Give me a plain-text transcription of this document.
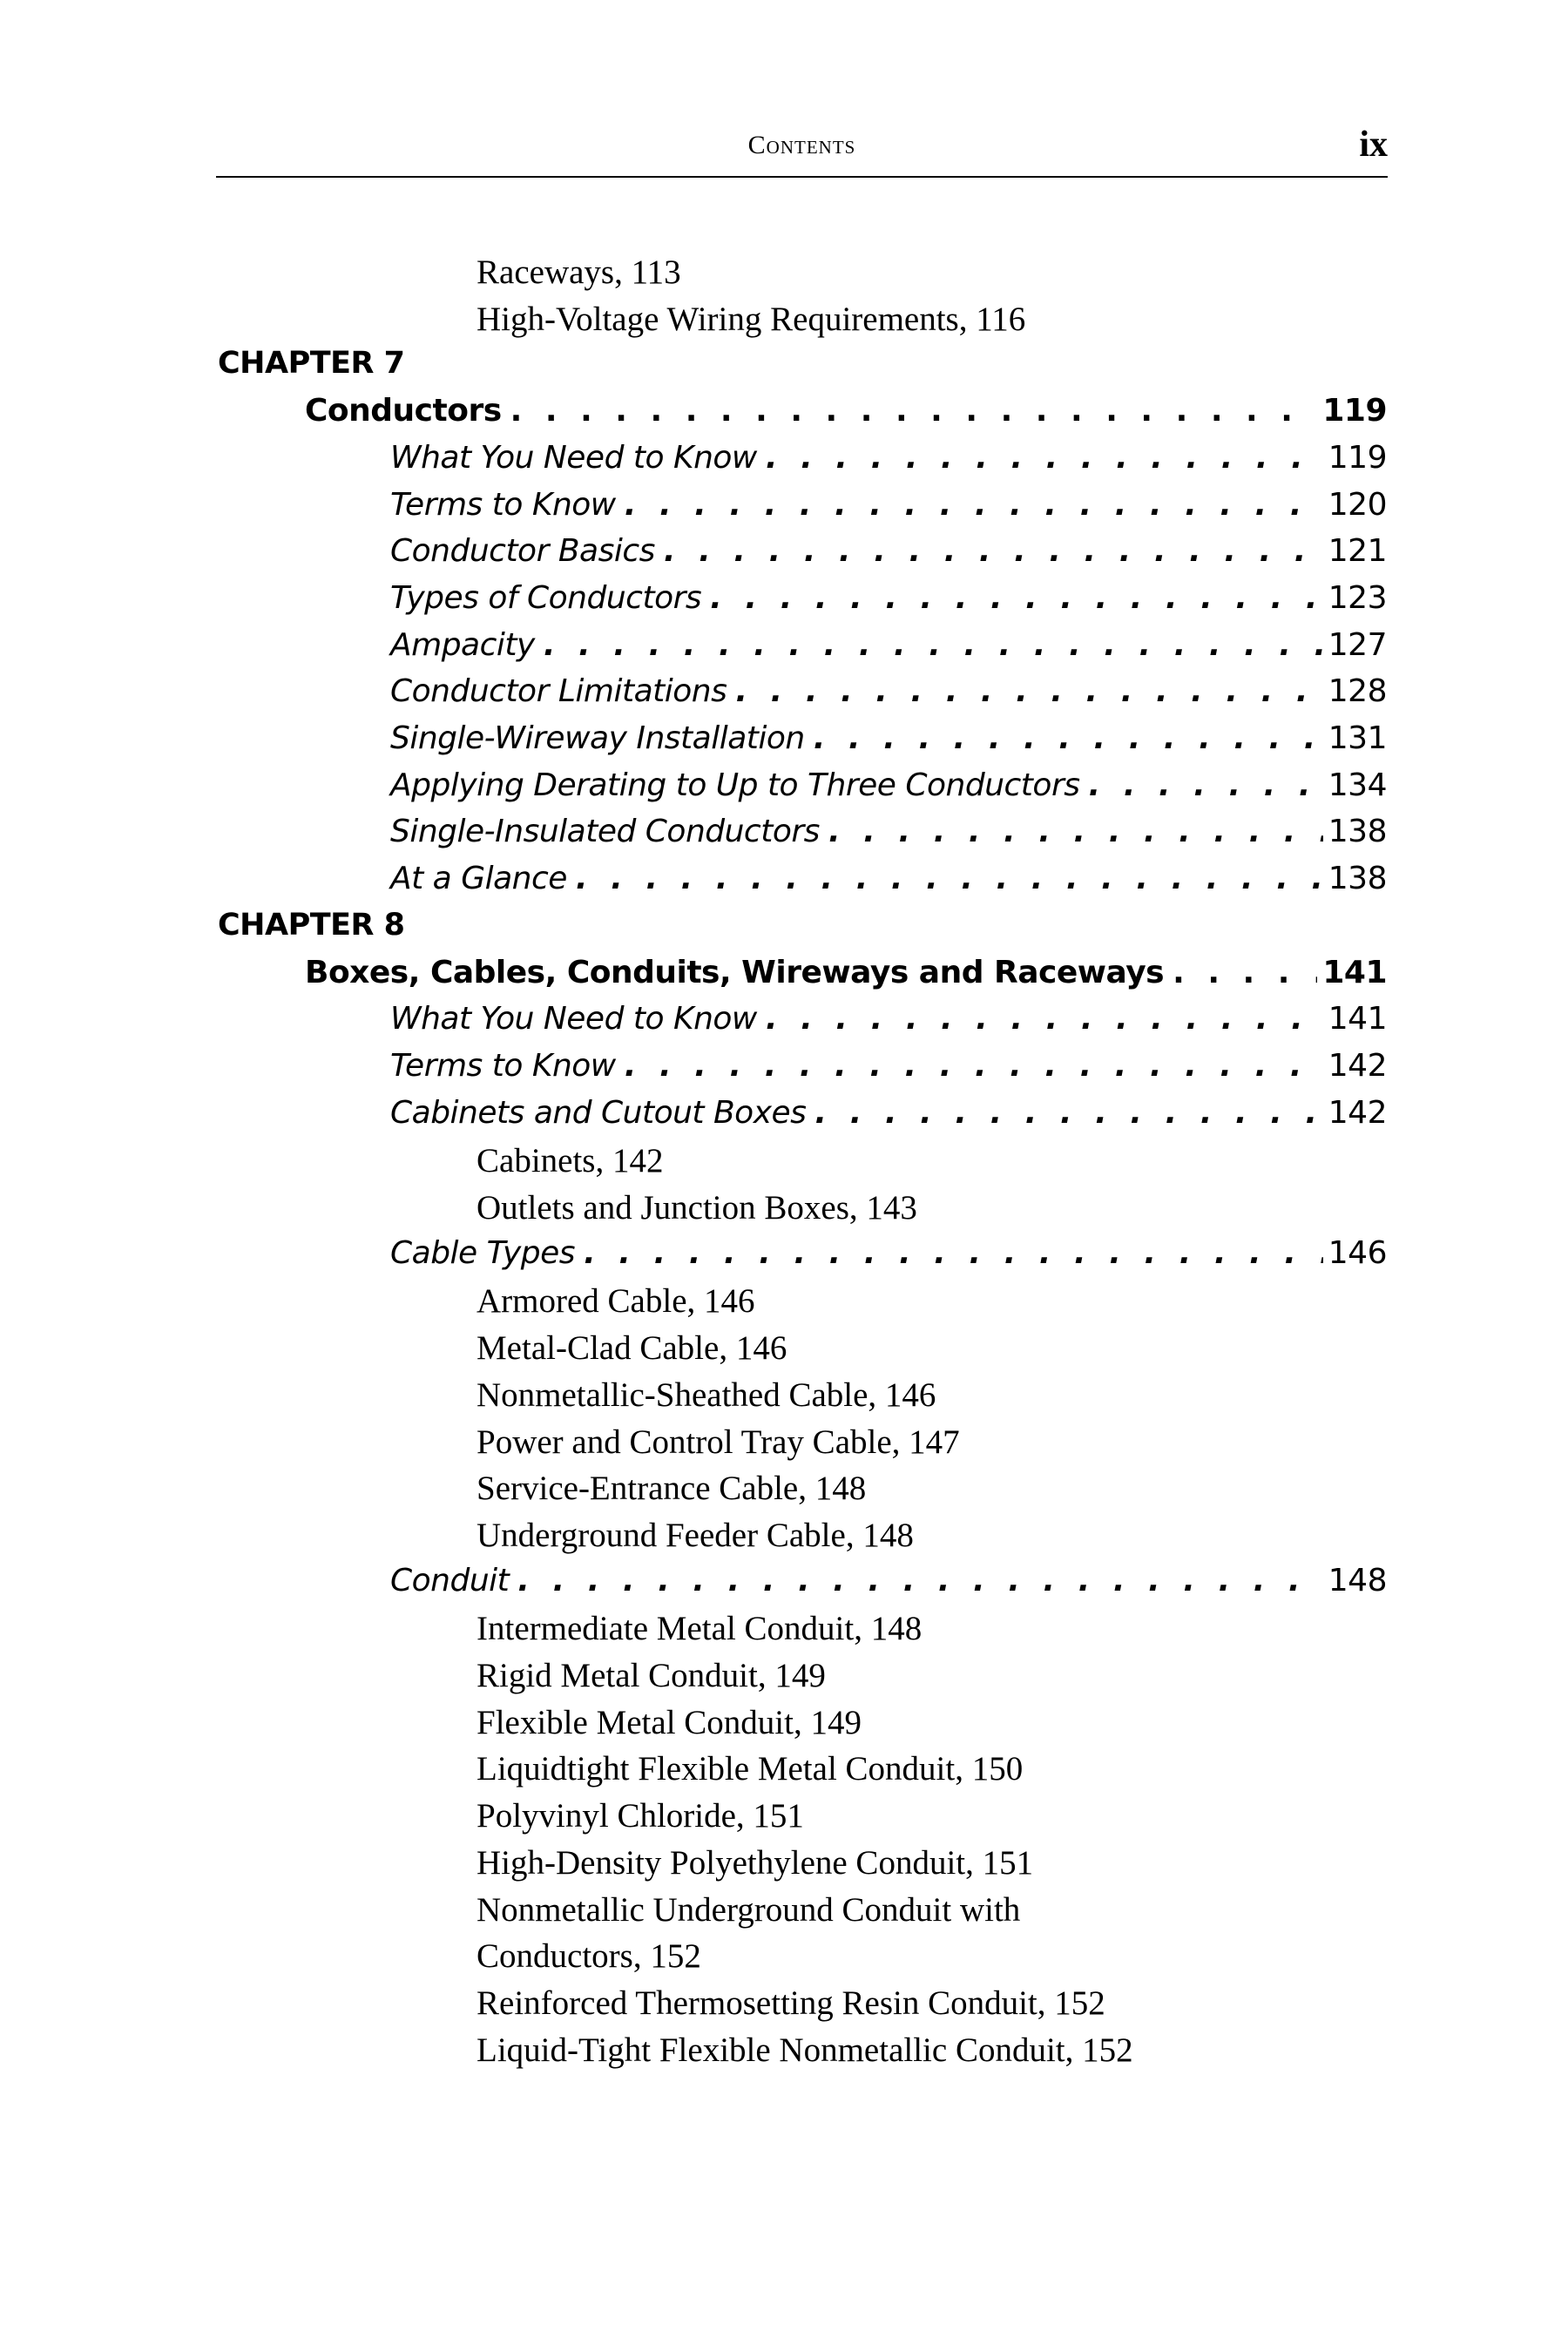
Contents	ix
Raceways, 113
High-Voltage Wiring Requirements, 116
CHAPTER 7
Conductors . . .	119
What You Need to Know . . .	119
Terms to Know . . .	120
Conductor Basics . . .	121
Types of Conductors . . .	123
Ampacity . . .	127
Conductor Limitations . . .	128
Single-Wireway Installation . . .	131
Applying Derating to Up to Three Conductors . . .	134
Single-Insulated Conductors . . .	138
At a Glance . . .	138
CHAPTER 8
Boxes, Cables, Conduits, Wireways and Raceways . . .	141
What You Need to Know . . .	141
Terms to Know . . .	142
Cabinets and Cutout Boxes . . .	142
Cabinets, 142
Outlets and Junction Boxes, 143
Cable Types . . .	146
Armored Cable, 146
Metal-Clad Cable, 146
Nonmetallic-Sheathed Cable, 146
Power and Control Tray Cable, 147
Service-Entrance Cable, 148
Underground Feeder Cable, 148
Conduit . . .	148
Intermediate Metal Conduit, 148
Rigid Metal Conduit, 149
Flexible Metal Conduit, 149
Liquidtight Flexible Metal Conduit, 150
Polyvinyl Chloride, 151
High-Density Polyethylene Conduit, 151
Nonmetallic Underground Conduit with
Conductors, 152
Reinforced Thermosetting Resin Conduit, 152
Liquid-Tight Flexible Nonmetallic Conduit, 152
